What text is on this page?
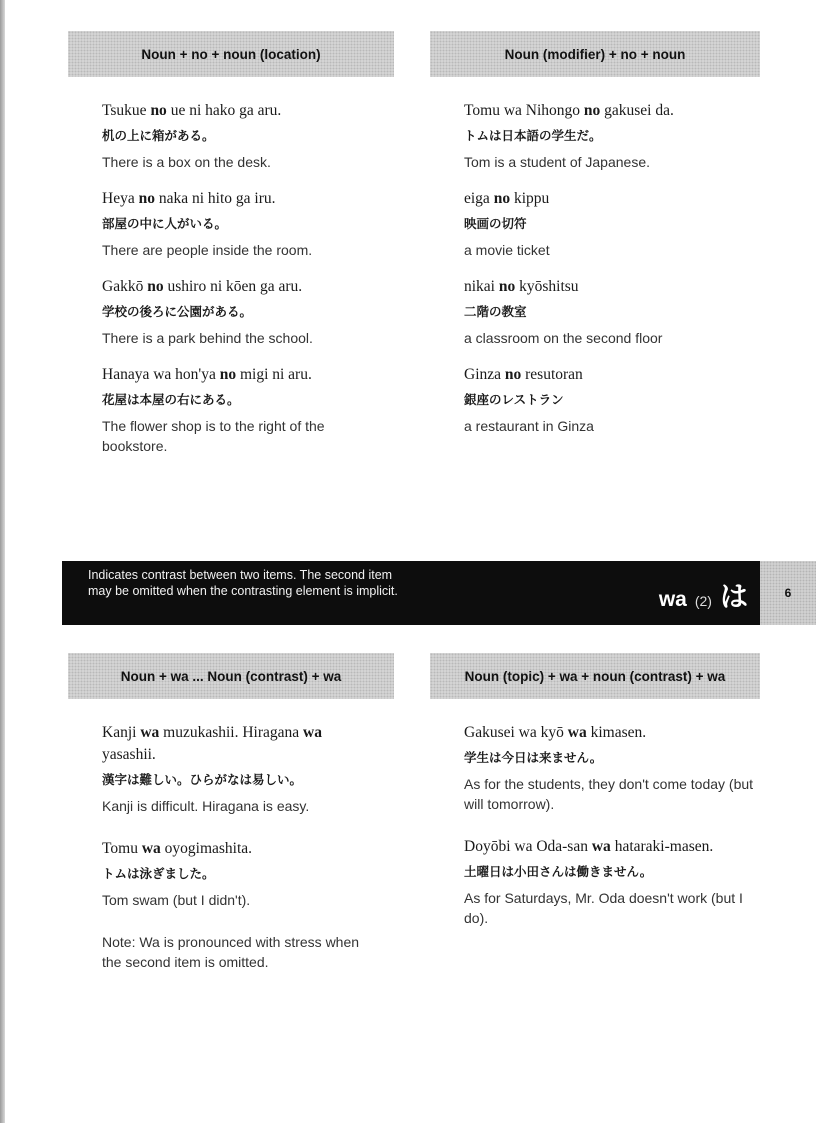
Noun + no + noun (location)	Noun (modifier) + no + noun
Tsukue no ue ni hako ga aru.
机の上に箱がある。
There is a box on the desk.
Heya no naka ni hito ga iru.
部屋の中に人がいる。
There are people inside the room.
Gakkō no ushiro ni kōen ga aru.
学校の後ろに公園がある。
There is a park behind the school.
Hanaya wa hon'ya no migi ni aru.
花屋は本屋の右にある。
The flower shop is to the right of the bookstore.
Tomu wa Nihongo no gakusei da.
トムは日本語の学生だ。
Tom is a student of Japanese.
eiga no kippu
映画の切符
a movie ticket
nikai no kyōshitsu
二階の教室
a classroom on the second floor
Ginza no resutoran
銀座のレストラン
a restaurant in Ginza
Indicates contrast between two items. The second item may be omitted when the contrasting element is implicit.	wa (2) は	6
Noun + wa ... Noun (contrast) + wa	Noun (topic) + wa + noun (contrast) + wa
Kanji wa muzukashii. Hiragana wa yasashii.
漢字は難しい。ひらがなは易しい。
Kanji is difficult. Hiragana is easy.
Tomu wa oyogimashita.
トムは泳ぎました。
Tom swam (but I didn't).
Note: Wa is pronounced with stress when the second item is omitted.
Gakusei wa kyō wa kimasen.
学生は今日は来ません。
As for the students, they don't come today (but will tomorrow).
Doyōbi wa Oda-san wa hataraki-masen.
土曜日は小田さんは働きません。
As for Saturdays, Mr. Oda doesn't work (but I do).
